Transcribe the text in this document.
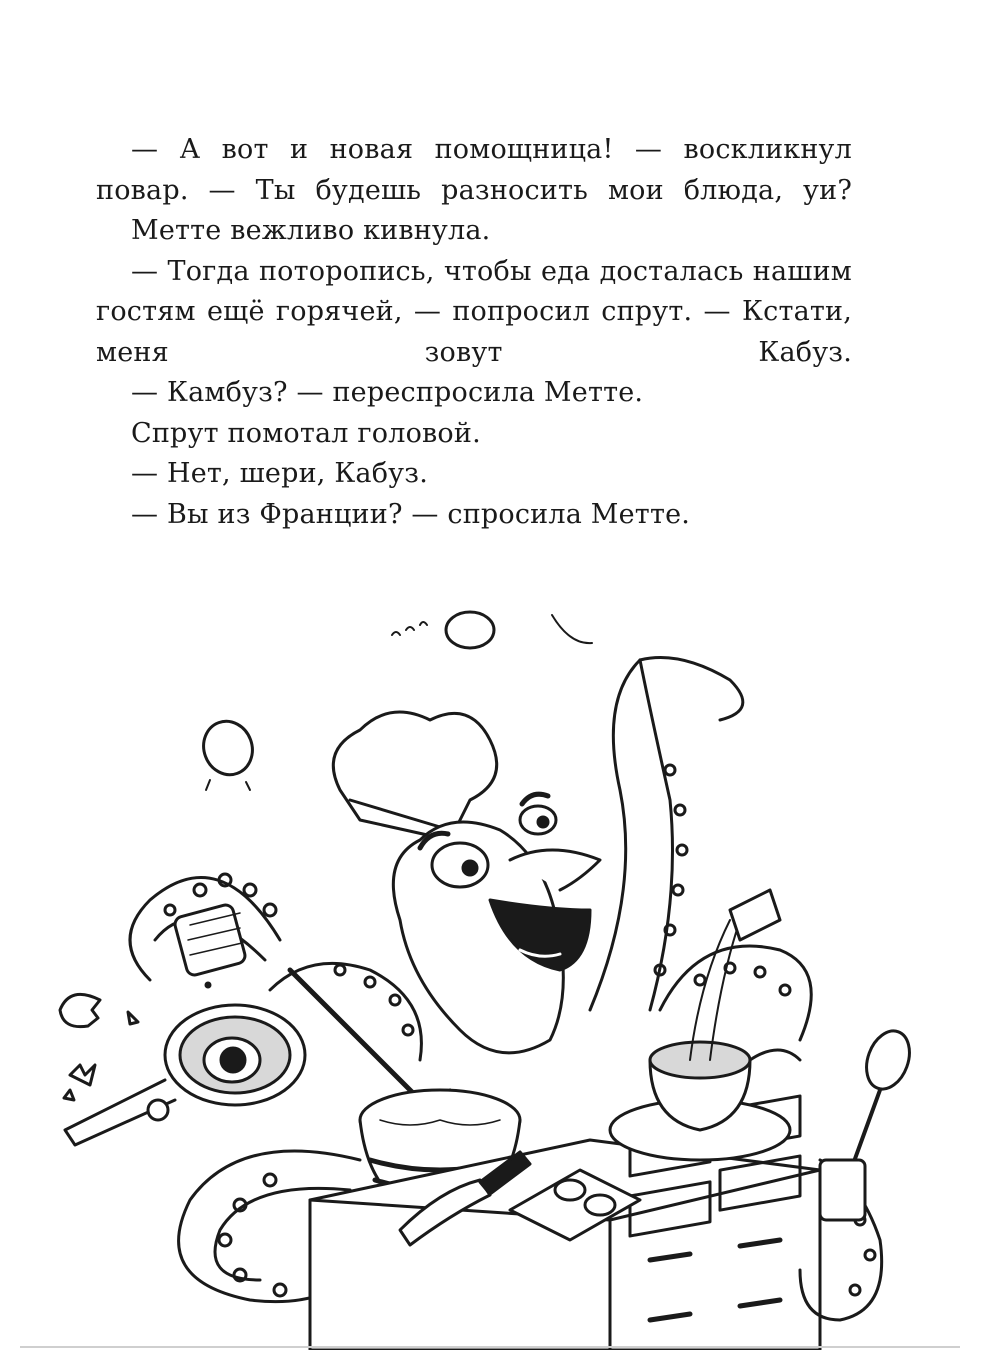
— А вот и новая помощница! — воскликнул повар. — Ты будешь разносить мои блюда, уи?

Метте вежливо кивнула.

— Тогда поторопись, чтобы еда досталась нашим гостям ещё горячей, — попросил спрут. — Кстати, меня зовут Кабуз.

— Камбуз? — переспросила Метте.

Спрут помотал головой.

— Нет, шери, Кабуз.

— Вы из Франции? — спросила Метте.
